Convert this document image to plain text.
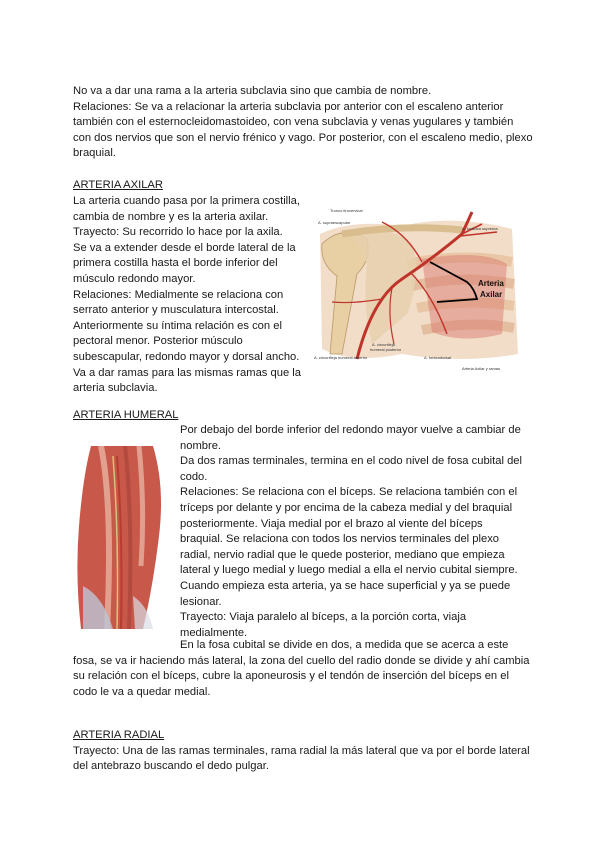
No va a dar una rama a la arteria subclavia sino que cambia de nombre.

Relaciones: Se va a relacionar la arteria subclavia por anterior con el escaleno anterior también con el esternocleidomastoideo, con vena subclavia y venas yugulares y también con dos nervios que son el nervio frénico y vago. Por posterior, con el escaleno medio, plexo braquial.

ARTERIA AXILAR

La arteria cuando pasa por la primera costilla, cambia de nombre y es la arteria axilar.

Trayecto: Su recorrido lo hace por la axila.

Se va a extender desde el borde lateral de la primera costilla hasta el borde inferior del músculo redondo mayor.

Relaciones: Medialmente se relaciona con serrato anterior y musculatura intercostal.

Anteriormente su íntima relación es con el pectoral menor. Posterior músculo subescapular, redondo mayor y dorsal ancho.

Va a dar ramas para las mismas ramas que la arteria subclavia.

Tronco tirocervical
A. supraescapular
A. torácica suprema
Arteria
Axilar
A. circunfleja
humeral posterior
A. circunfleja humeral anterior	A. toracodorsal
Arteria Axilar y ramas

ARTERIA HUMERAL

Por debajo del borde inferior del redondo mayor vuelve a cambiar de nombre.

Da dos ramas terminales, termina en el codo nivel de fosa cubital del codo.

Relaciones: Se relaciona con el bíceps. Se relaciona también con el tríceps por delante y por encima de la cabeza medial y del braquial posteriormente. Viaja medial por el brazo al viente del bíceps braquial. Se relaciona con todos los nervios terminales del plexo radial, nervio radial que le quede posterior, mediano que empieza lateral y luego medial y luego medial a ella el nervio cubital siempre.

Cuando empieza esta arteria, ya se hace superficial y ya se puede lesionar.

Trayecto: Viaja paralelo al bíceps, a la porción corta, viaja medialmente.

En la fosa cubital se divide en dos, a medida que se acerca a este fosa, se va ir haciendo más lateral, la zona del cuello del radio donde se divide y ahí cambia su relación con el bíceps, cubre la aponeurosis y el tendón de inserción del bíceps en el codo le va a quedar medial.

ARTERIA RADIAL

Trayecto: Una de las ramas terminales, rama radial la más lateral que va por el borde lateral del antebrazo buscando el dedo pulgar.
